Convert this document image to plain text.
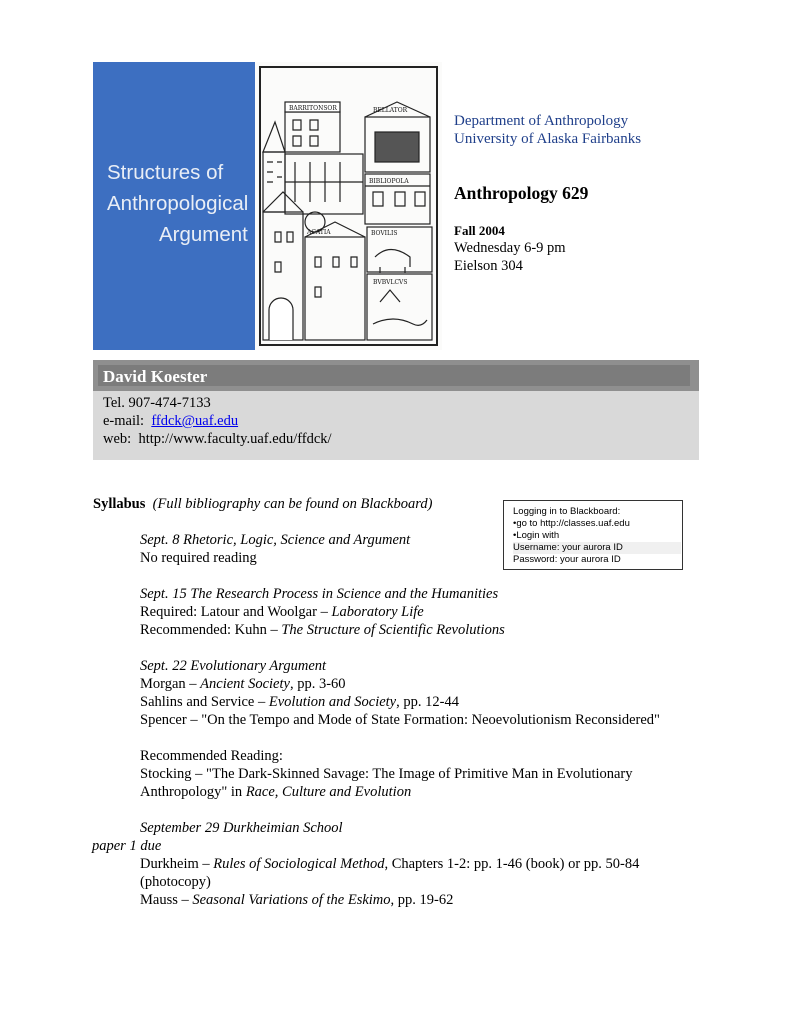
Structures of
Anthropological
Argument
BARRITONSOR	BELLATOR
BIBLIOPOLA
ACATIA	BOVILIS
BVBVLCVS
Department of Anthropology
University of Alaska Fairbanks
Anthropology 629
Fall 2004
Wednesday 6-9 pm
Eielson 304
David Koester
Tel. 907-474-7133
e-mail: ffdck@uaf.edu
web: http://www.faculty.uaf.edu/ffdck/
Syllabus (Full bibliography can be found on Blackboard)	Logging in to Blackboard:
•go to http://classes.uaf.edu
•Login with
Username: your aurora ID
Password: your aurora ID
Sept. 8 Rhetoric, Logic, Science and Argument
No required reading
Sept. 15 The Research Process in Science and the Humanities
Required: Latour and Woolgar – Laboratory Life
Recommended: Kuhn – The Structure of Scientific Revolutions
Sept. 22 Evolutionary Argument
Morgan – Ancient Society, pp. 3-60
Sahlins and Service – Evolution and Society, pp. 12-44
Spencer – "On the Tempo and Mode of State Formation: Neoevolutionism Reconsidered"
Recommended Reading:
Stocking – "The Dark-Skinned Savage: The Image of Primitive Man in Evolutionary Anthropology" in Race, Culture and Evolution
September 29 Durkheimian School
paper 1 due
Durkheim – Rules of Sociological Method, Chapters 1-2: pp. 1-46 (book) or pp. 50-84 (photocopy)
Mauss – Seasonal Variations of the Eskimo, pp. 19-62
